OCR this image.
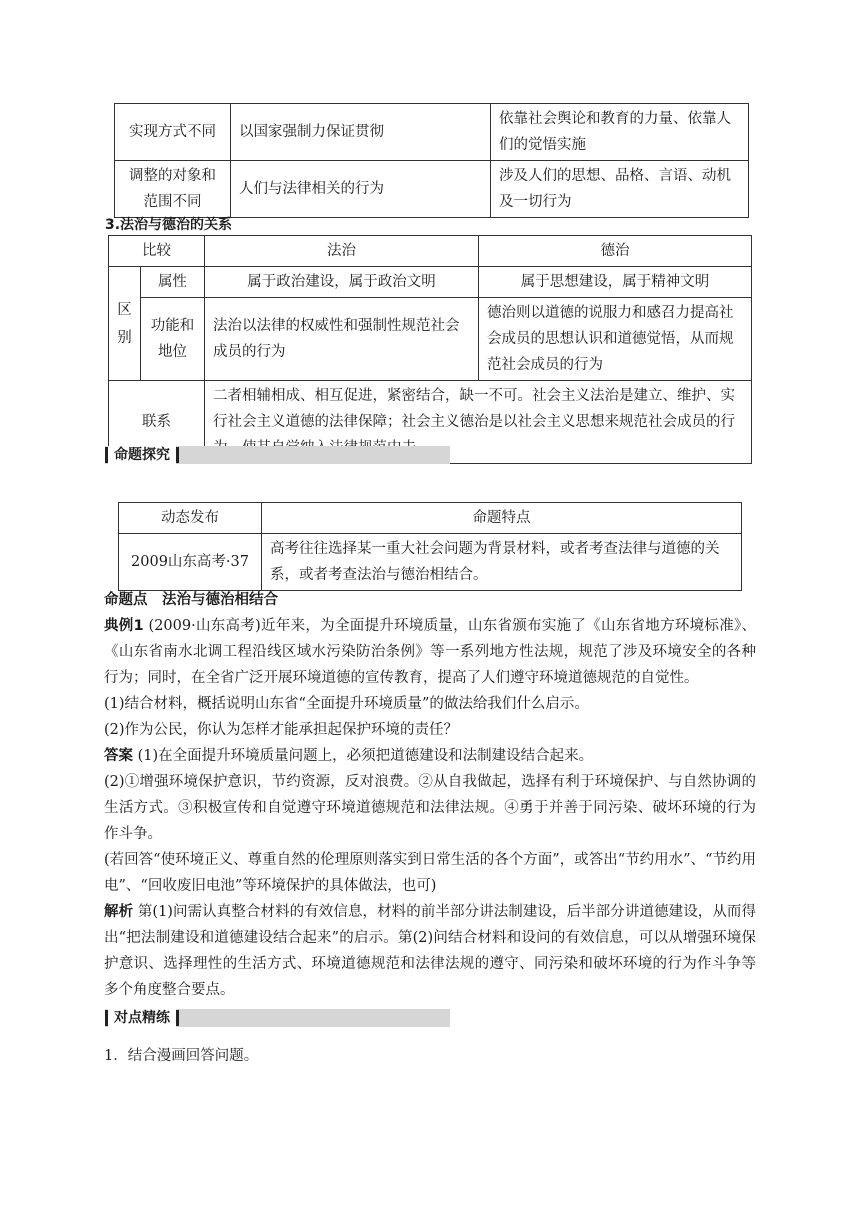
实现方式不同	以国家强制力保证贯彻	依靠社会舆论和教育的力量、依靠人们的觉悟实施
调整的对象和范围不同	人们与法律相关的行为	涉及人们的思想、品格、言语、动机及一切行为
3.法治与德治的关系
比较		法治	德治
区别	属性	属于政治建设，属于政治文明	属于思想建设，属于精神文明
	功能和地位	法治以法律的权威性和强制性规范社会成员的行为	德治则以道德的说服力和感召力提高社会成员的思想认识和道德觉悟，从而规范社会成员的行为
联系		二者相辅相成、相互促进，紧密结合，缺一不可。社会主义法治是建立、维护、实行社会主义道德的法律保障；社会主义德治是以社会主义思想来规范社会成员的行	
命题探究
动态发布	命题特点
2009山东高考·37	高考往往选择某一重大社会问题为背景材料，或者考查法律与道德的关系，或者考查法治与德治相结合。
命题点　法治与德治相结合
典例1 (2009·山东高考)近年来，为全面提升环境质量，山东省颁布实施了《山东省地方环境标准》、《山东省南水北调工程沿线区域水污染防治条例》等一系列地方性法规，规范了涉及环境安全的各种行为；同时，在全省广泛开展环境道德的宣传教育，提高了人们遵守环境道德规范的自觉性。
(1)结合材料，概括说明山东省“全面提升环境质量”的做法给我们什么启示。
(2)作为公民，你认为怎样才能承担起保护环境的责任？
答案 (1)在全面提升环境质量问题上，必须把道德建设和法制建设结合起来。
(2)①增强环境保护意识，节约资源，反对浪费。②从自我做起，选择有利于环境保护、与自然协调的生活方式。③积极宣传和自觉遵守环境道德规范和法律法规。④勇于并善于同污染、破坏环境的行为作斗争。
(若回答“使环境正义、尊重自然的伦理原则落实到日常生活的各个方面”，或答出“节约用水”、“节约用电”、“回收废旧电池”等环境保护的具体做法，也可)
解析 第(1)问需认真整合材料的有效信息，材料的前半部分讲法制建设，后半部分讲道德建设，从而得出“把法制建设和道德建设结合起来”的启示。第(2)问结合材料和设问的有效信息，可以从增强环境保护意识、选择理性的生活方式、环境道德规范和法律法规的遵守、同污染和破坏环境的行为作斗争等多个角度整合要点。
对点精练
1．结合漫画回答问题。
